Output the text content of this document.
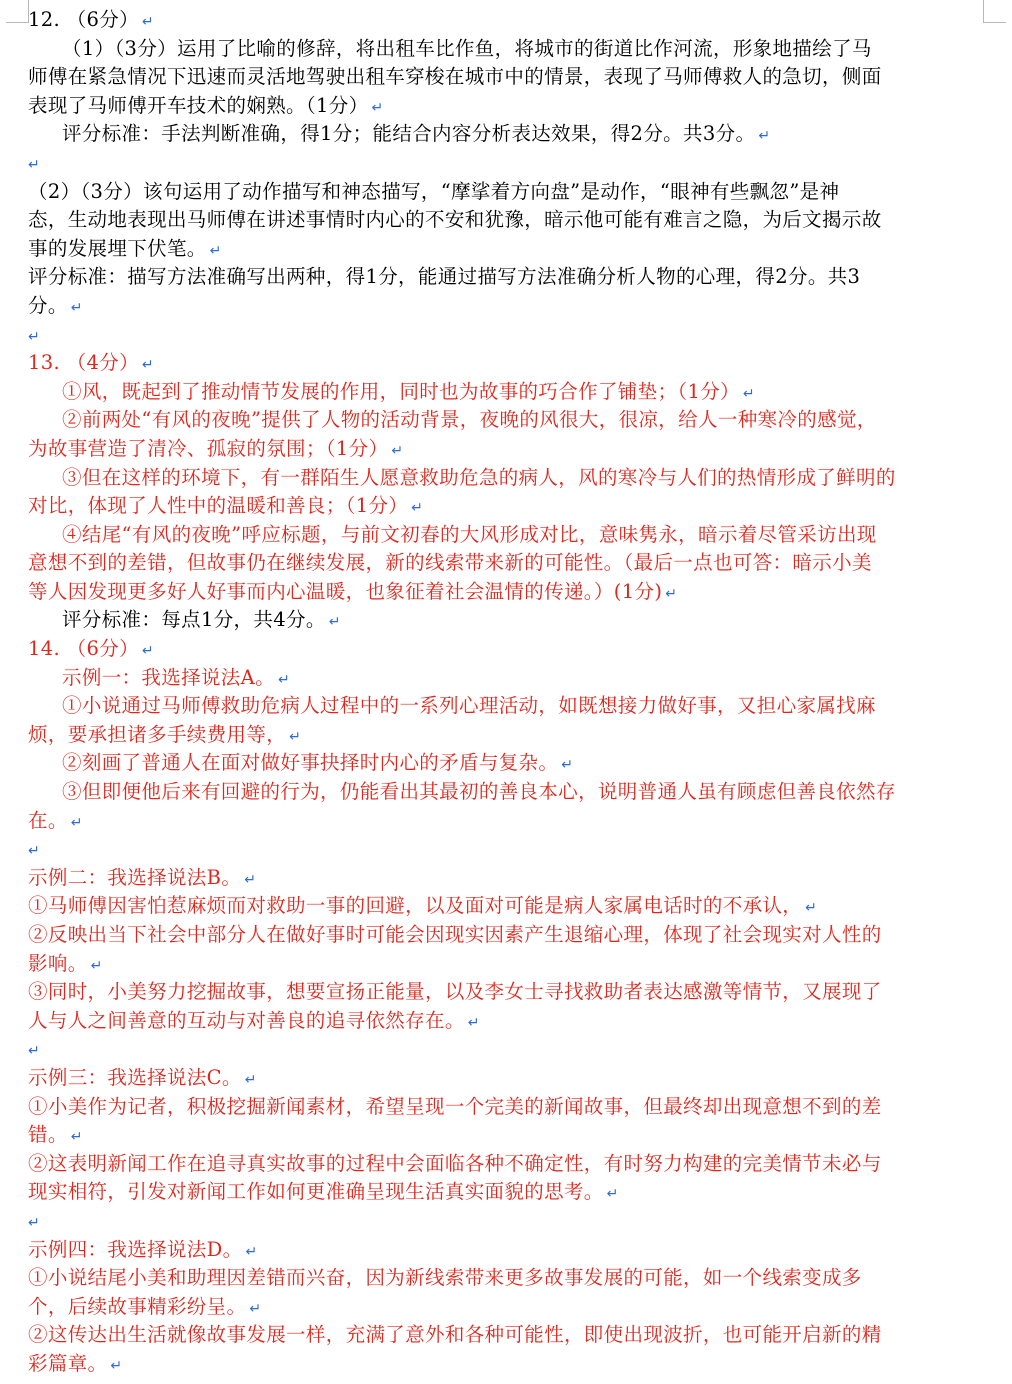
12. （6分） ↵
（1）（3分）运用了比喻的修辞，将出租车比作鱼，将城市的街道比作河流，形象地描绘了马
师傅在紧急情况下迅速而灵活地驾驶出租车穿梭在城市中的情景，表现了马师傅救人的急切，侧面
表现了马师傅开车技术的娴熟。（1分） ↵
评分标准：手法判断准确，得1分；能结合内容分析表达效果，得2分。共3分。 ↵
↵
（2）（3分）该句运用了动作描写和神态描写，“摩挲着方向盘”是动作，“眼神有些飘忽”是神
态，生动地表现出马师傅在讲述事情时内心的不安和犹豫，暗示他可能有难言之隐，为后文揭示故
事的发展埋下伏笔。 ↵
评分标准：描写方法准确写出两种，得1分，能通过描写方法准确分析人物的心理，得2分。共3
分。 ↵
↵
13. （4分） ↵
①风，既起到了推动情节发展的作用，同时也为故事的巧合作了铺垫；（1分） ↵
②前两处“有风的夜晚”提供了人物的活动背景，夜晚的风很大，很凉，给人一种寒冷的感觉，
为故事营造了清冷、孤寂的氛围；（1分） ↵
③但在这样的环境下，有一群陌生人愿意救助危急的病人，风的寒冷与人们的热情形成了鲜明的
对比，体现了人性中的温暖和善良；（1分） ↵
④结尾“有风的夜晚”呼应标题，与前文初春的大风形成对比，意味隽永，暗示着尽管采访出现
意想不到的差错，但故事仍在继续发展，新的线索带来新的可能性。（最后一点也可答：暗示小美
等人因发现更多好人好事而内心温暖，也象征着社会温情的传递。）(1分) ↵
评分标准：每点1分，共4分。 ↵
14. （6分） ↵
示例一：我选择说法A。 ↵
①小说通过马师傅救助危病人过程中的一系列心理活动，如既想接力做好事，又担心家属找麻
烦，要承担诸多手续费用等， ↵
②刻画了普通人在面对做好事抉择时内心的矛盾与复杂。 ↵
③但即便他后来有回避的行为，仍能看出其最初的善良本心，说明普通人虽有顾虑但善良依然存
在。 ↵
↵
示例二：我选择说法B。 ↵
①马师傅因害怕惹麻烦而对救助一事的回避，以及面对可能是病人家属电话时的不承认， ↵
②反映出当下社会中部分人在做好事时可能会因现实因素产生退缩心理，体现了社会现实对人性的
影响。 ↵
③同时，小美努力挖掘故事，想要宣扬正能量，以及李女士寻找救助者表达感激等情节，又展现了
人与人之间善意的互动与对善良的追寻依然存在。 ↵
↵
示例三：我选择说法C。 ↵
①小美作为记者，积极挖掘新闻素材，希望呈现一个完美的新闻故事，但最终却出现意想不到的差
错。 ↵
②这表明新闻工作在追寻真实故事的过程中会面临各种不确定性，有时努力构建的完美情节未必与
现实相符，引发对新闻工作如何更准确呈现生活真实面貌的思考。 ↵
↵
示例四：我选择说法D。 ↵
①小说结尾小美和助理因差错而兴奋，因为新线索带来更多故事发展的可能，如一个线索变成多
个，后续故事精彩纷呈。 ↵
②这传达出生活就像故事发展一样，充满了意外和各种可能性，即使出现波折，也可能开启新的精
彩篇章。 ↵
